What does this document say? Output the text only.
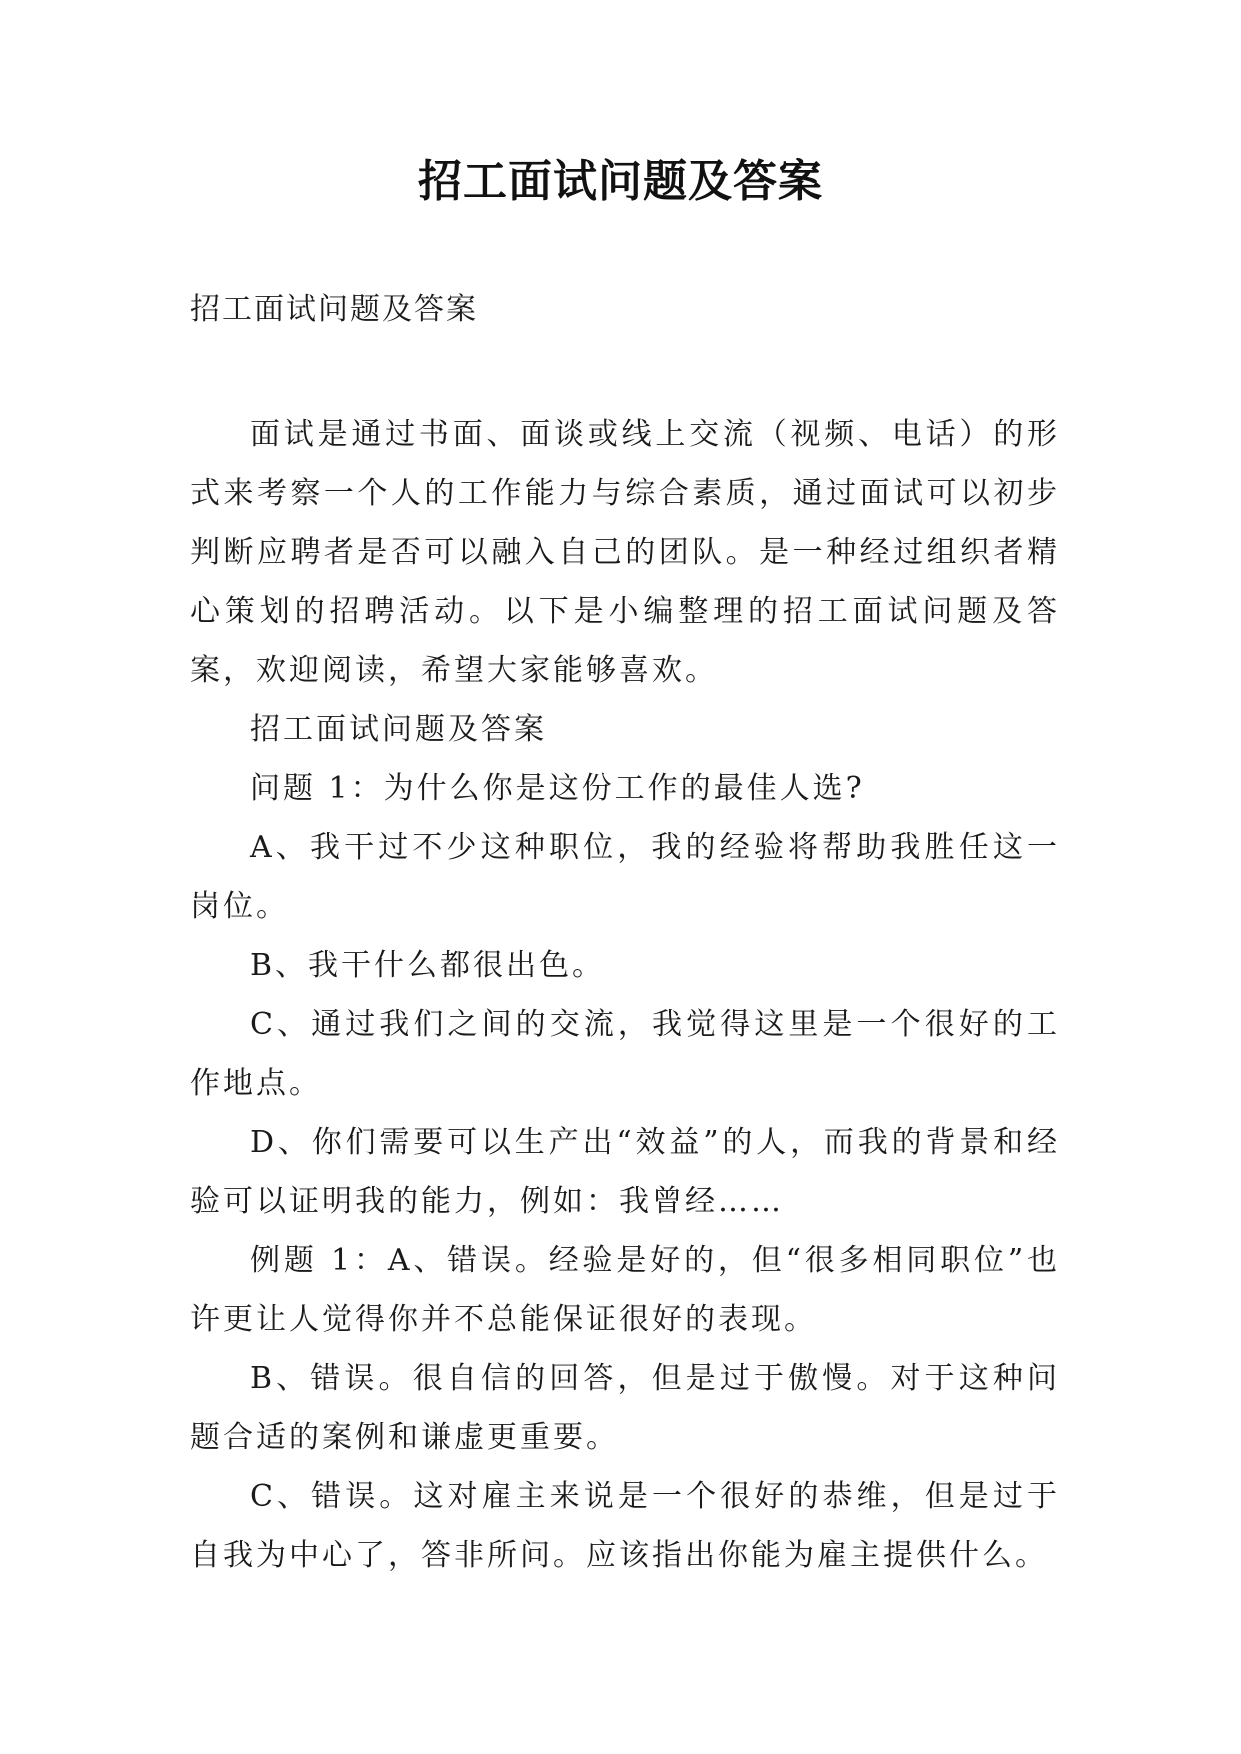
招工面试问题及答案

招工面试问题及答案

面试是通过书面、面谈或线上交流（视频、电话）的形式来考察一个人的工作能力与综合素质，通过面试可以初步判断应聘者是否可以融入自己的团队。是一种经过组织者精心策划的招聘活动。以下是小编整理的招工面试问题及答案，欢迎阅读，希望大家能够喜欢。

招工面试问题及答案

问题 1：为什么你是这份工作的最佳人选?

A、我干过不少这种职位，我的经验将帮助我胜任这一岗位。

B、我干什么都很出色。

C、通过我们之间的交流，我觉得这里是一个很好的工作地点。

D、你们需要可以生产出“效益”的人，而我的背景和经验可以证明我的能力，例如：我曾经……

例题 1：A、错误。经验是好的，但“很多相同职位”也许更让人觉得你并不总能保证很好的表现。

B、错误。很自信的回答，但是过于傲慢。对于这种问题合适的案例和谦虚更重要。

C、错误。这对雇主来说是一个很好的恭维，但是过于自我为中心了，答非所问。应该指出你能为雇主提供什么。
